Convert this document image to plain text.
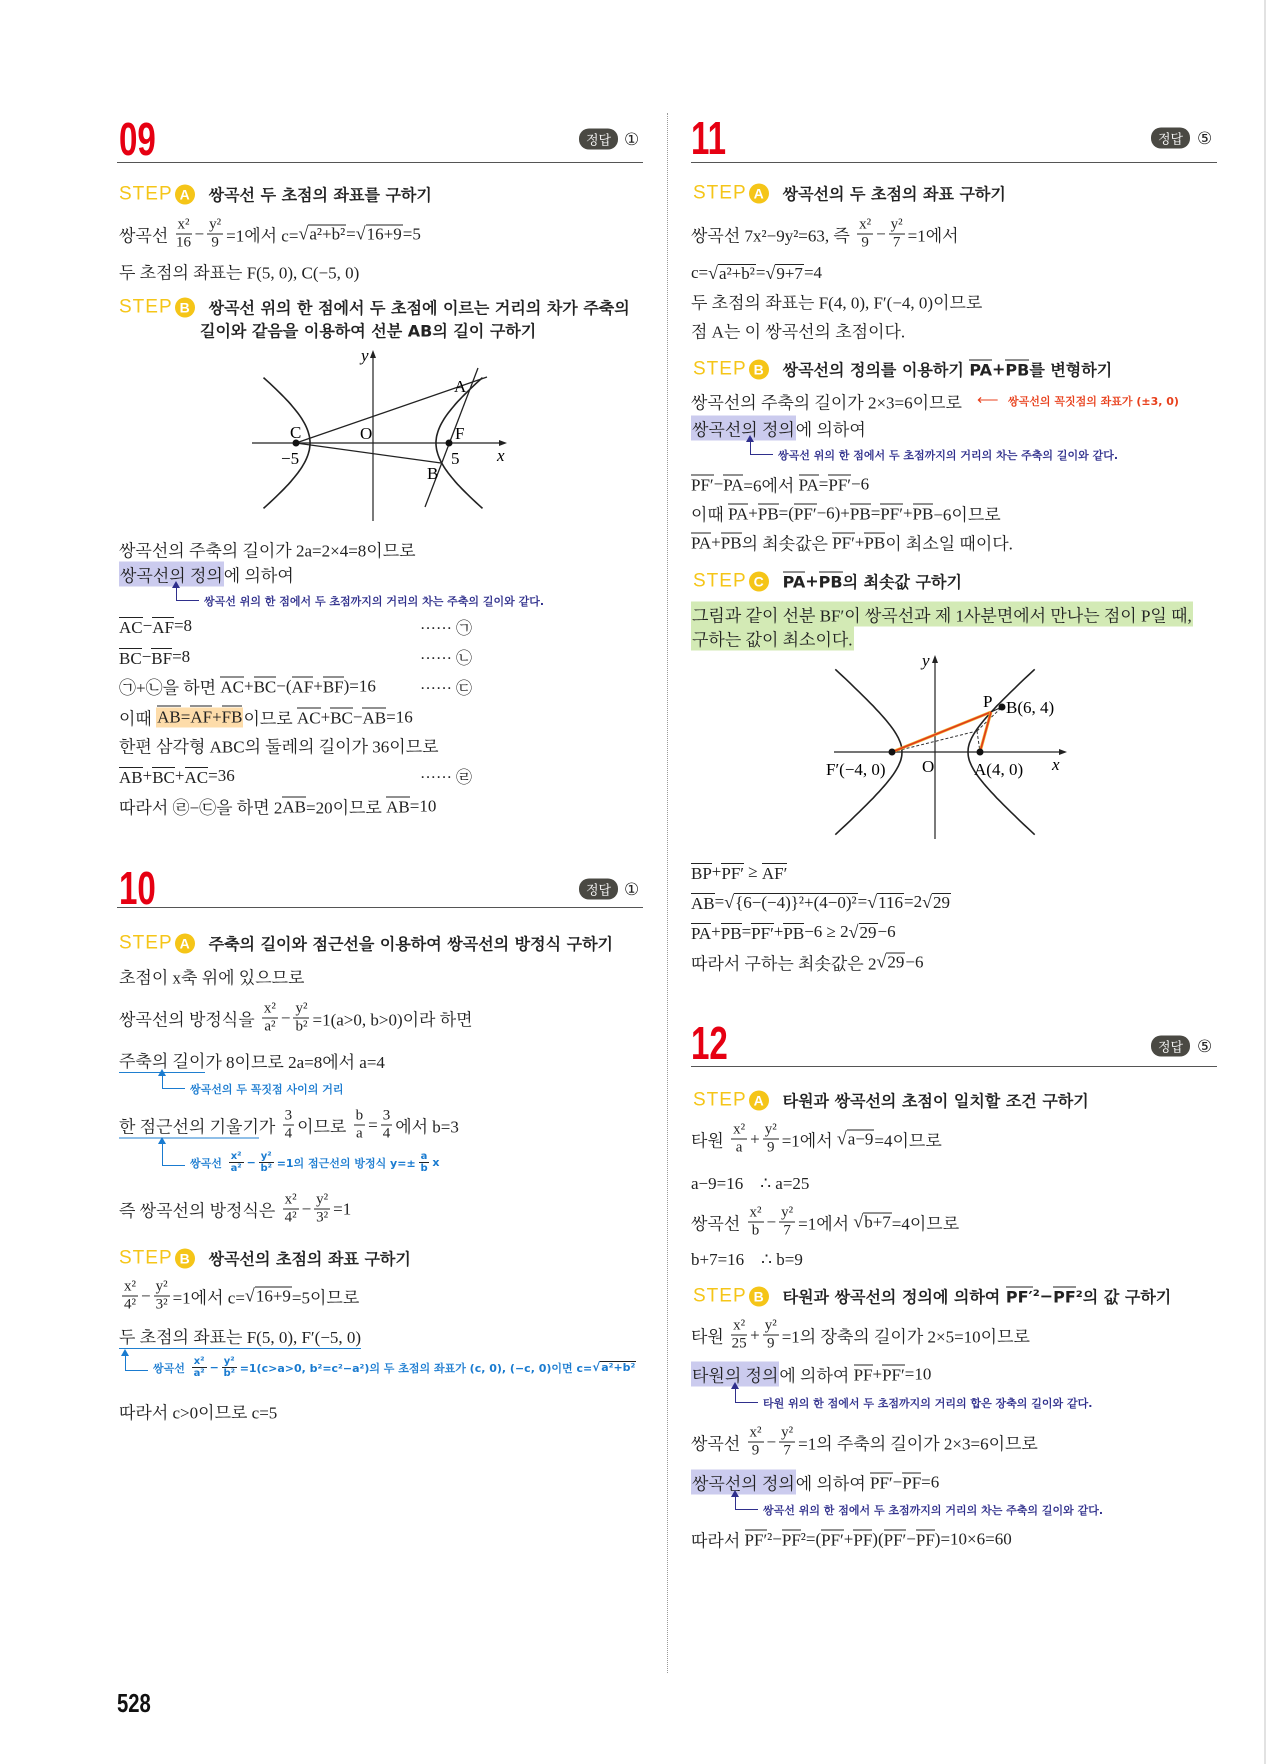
09	정답 ①
STEP A	쌍곡선 두 초점의 좌표를 구하기
쌍곡선 $\frac{\text{x²}}{16} - \frac{\text{y²}}{9} =1$에서 c= √ a²+b² = √ 16+9 =5
두 초점의 좌표는 F(5, 0), C(−5, 0)
STEP B	쌍곡선 위의 한 점에서 두 초점에 이르는 거리의 차가 주축의
길이와 같음을 이용하여 선분 AB의 길이 구하기
y
x
O
A
B
C	F
−5	5
쌍곡선의 주축의 길이가 2a=2×4=8이므로
쌍곡선의 정의 에 의하여
쌍곡선 위의 한 점에서 두 초점까지의 거리의 차는 주축의 길이와 같다.
AC − AF =8	······ ㉠
BC − BF =8	······ ㉡
㉠+㉡을 하면 AC + BC −( AF + BF )=16	······ ㉢
이때 AB=AF+FB 이므로 AC + BC − AB =16
한편 삼각형 ABC의 둘레의 길이가 36이므로
AB + BC + AC =36	······ ㉣
따라서 ㉣−㉢을 하면 2 AB =20이므로 AB =10
10	정답 ①
STEP A	주축의 길이와 점근선을 이용하여 쌍곡선의 방정식 구하기
초점이 x축 위에 있으므로
쌍곡선의 방정식을 $\frac{\text{x²}}{\text{a²}} - \frac{\text{y²}}{\text{b²}} =1(a>0$, b>0)이라 하면
주축의 길이 가 8이므로 2a=8에서 a=4
쌍곡선의 두 꼭짓점 사이의 거리
한 점근선의 기울기 가 $\frac{3}{4}$ 이므로 $\frac{b}{a} = \frac{3}{4}$ 에서 b=3
쌍곡선 $\frac{\text{x²}}{\text{a²}} - \frac{\text{y²}}{\text{b²}} =1$의 점근선의 방정식 $y=\pm \frac{a}{b}$ x
즉 쌍곡선의 방정식은 $\frac{\text{x²}}{\text{4²}} - \frac{\text{y²}}{\text{3²}} =1$
STEP B	쌍곡선의 초점의 좌표 구하기
$\frac{\text{x²}}{\text{4²}} - \frac{\text{y²}}{\text{3²}} =1$에서 c= √ 16+9 =5이므로
두 초점의 좌표는 F(5, 0), F′(−5, 0)
쌍곡선 $\frac{\text{x²}}{\text{a²}} - \frac{\text{y²}}{\text{b²}} =1(c>a>0$, b²=c²−a²)의 두 초점의 좌표가 (c, 0), (−c, 0)이면 c= √ a²+b²
따라서 c>0이므로 c=5
11	정답 ⑤
STEP A	쌍곡선의 두 초점의 좌표 구하기
쌍곡선 7x²−9y²=63, 즉 $\frac{\text{x²}}{9} - \frac{\text{y²}}{7} =1$에서
c= √ a²+b² = √ 9+7 =4
두 초점의 좌표는 F(4, 0), F′(−4, 0)이므로
점 A는 이 쌍곡선의 초점이다.
STEP B	쌍곡선의 정의를 이용하기 PA + PB 를 변형하기
쌍곡선의 주축의 길이가 2×3=6이므로 ⟵ 쌍곡선의 꼭짓점의 좌표가 (±3, 0)
쌍곡선의 정의 에 의하여
쌍곡선 위의 한 점에서 두 초점까지의 거리의 차는 주축의 길이와 같다.
PF′ − PA =6에서 PA = PF′ −6
이때 PA + PB =( PF′ −6)+ PB = PF′ + PB −6이므로
PA + PB 의 최솟값은 PF′ + PB 이 최소일 때이다.
STEP C	PA + PB 의 최솟값 구하기
그림과 같이 선분 BF′이 쌍곡선과 제 1사분면에서 만나는 점이 P일 때,
구하는 값이 최소이다.
y
x
O
P B(6, 4)
F′(−4, 0)	A(4, 0)
BP + PF′ ≥ AF′
AB = √ {6−(−4)}²+(4−0)² = √ 116 =2 √ 29
PA + PB = PF′ + PB −6 ≥ 2 √ 29 −6
따라서 구하는 최솟값은 2 √ 29 −6
12	정답 ⑤
STEP A	타원과 쌍곡선의 초점이 일치할 조건 구하기
타원 $\frac{\text{x²}}{a} + \frac{\text{y²}}{9} =1$에서 √ a−9 =4이므로
a−9=16    ∴ a=25
쌍곡선 $\frac{\text{x²}}{b} - \frac{\text{y²}}{7} =1$에서 √ b+7 =4이므로
b+7=16    ∴ b=9
STEP B	타원과 쌍곡선의 정의에 의하여 PF′ ²− PF ²의 값 구하기
타원 $\frac{\text{x²}}{25} + \frac{\text{y²}}{9} =1$의 장축의 길이가 2×5=10이므로
타원의 정의 에 의하여 PF + PF′ =10
타원 위의 한 점에서 두 초점까지의 거리의 합은 장축의 길이와 같다.
쌍곡선 $\frac{\text{x²}}{9} - \frac{\text{y²}}{7} =1$의 주축의 길이가 2×3=6이므로
쌍곡선의 정의 에 의하여 PF′ − PF =6
쌍곡선 위의 한 점에서 두 초점까지의 거리의 차는 주축의 길이와 같다.
따라서 PF′ ²− PF ²=( PF′ + PF )( PF′ − PF )=10×6=60
528
